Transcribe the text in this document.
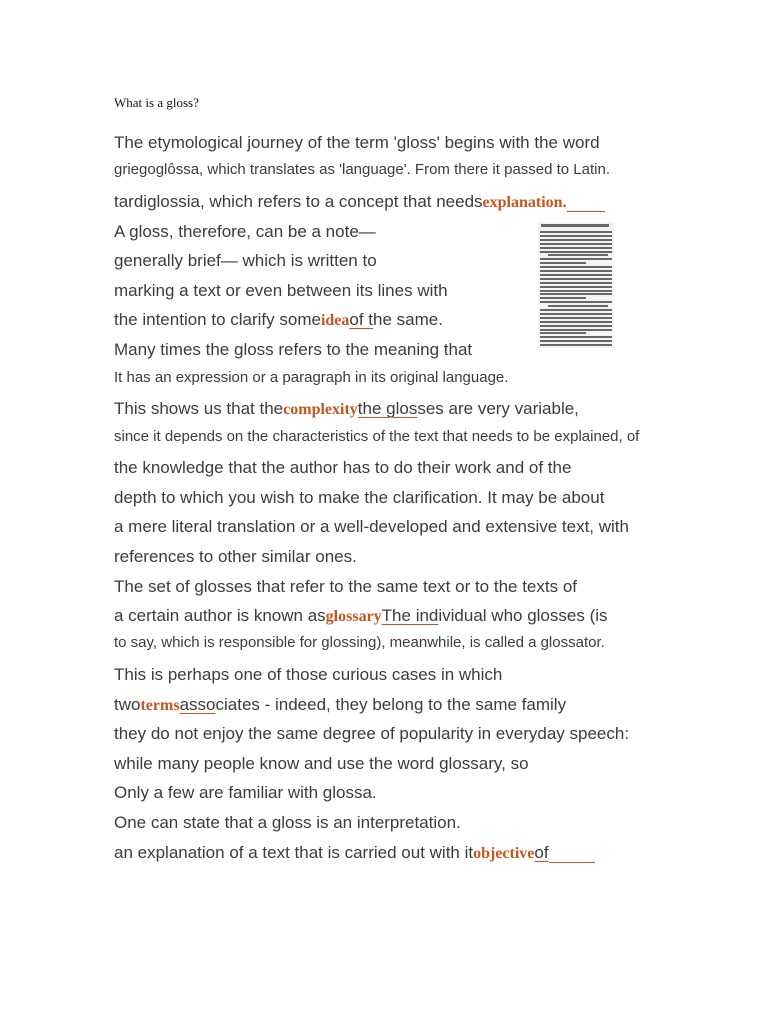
What is a gloss?
The etymological journey of the term 'gloss' begins with the word
griegoglôssa, which translates as 'language'. From there it passed to Latin.
tardiglossia, which refers to a concept that needsexplanation.
A gloss, therefore, can be a note—
generally brief— which is written to
marking a text or even between its lines with
the intention to clarify someideaof the same.
Many times the gloss refers to the meaning that
It has an expression or a paragraph in its original language.
This shows us that thecomplexitythe glosses are very variable,
since it depends on the characteristics of the text that needs to be explained, of
the knowledge that the author has to do their work and of the
depth to which you wish to make the clarification. It may be about
a mere literal translation or a well-developed and extensive text, with
references to other similar ones.
The set of glosses that refer to the same text or to the texts of
a certain author is known asglossaryThe individual who glosses (is
to say, which is responsible for glossing), meanwhile, is called a glossator.
This is perhaps one of those curious cases in which
twotermsassociates - indeed, they belong to the same family
they do not enjoy the same degree of popularity in everyday speech:
while many people know and use the word glossary, so
Only a few are familiar with glossa.
One can state that a gloss is an interpretation.
an explanation of a text that is carried out with itobjectiveof
